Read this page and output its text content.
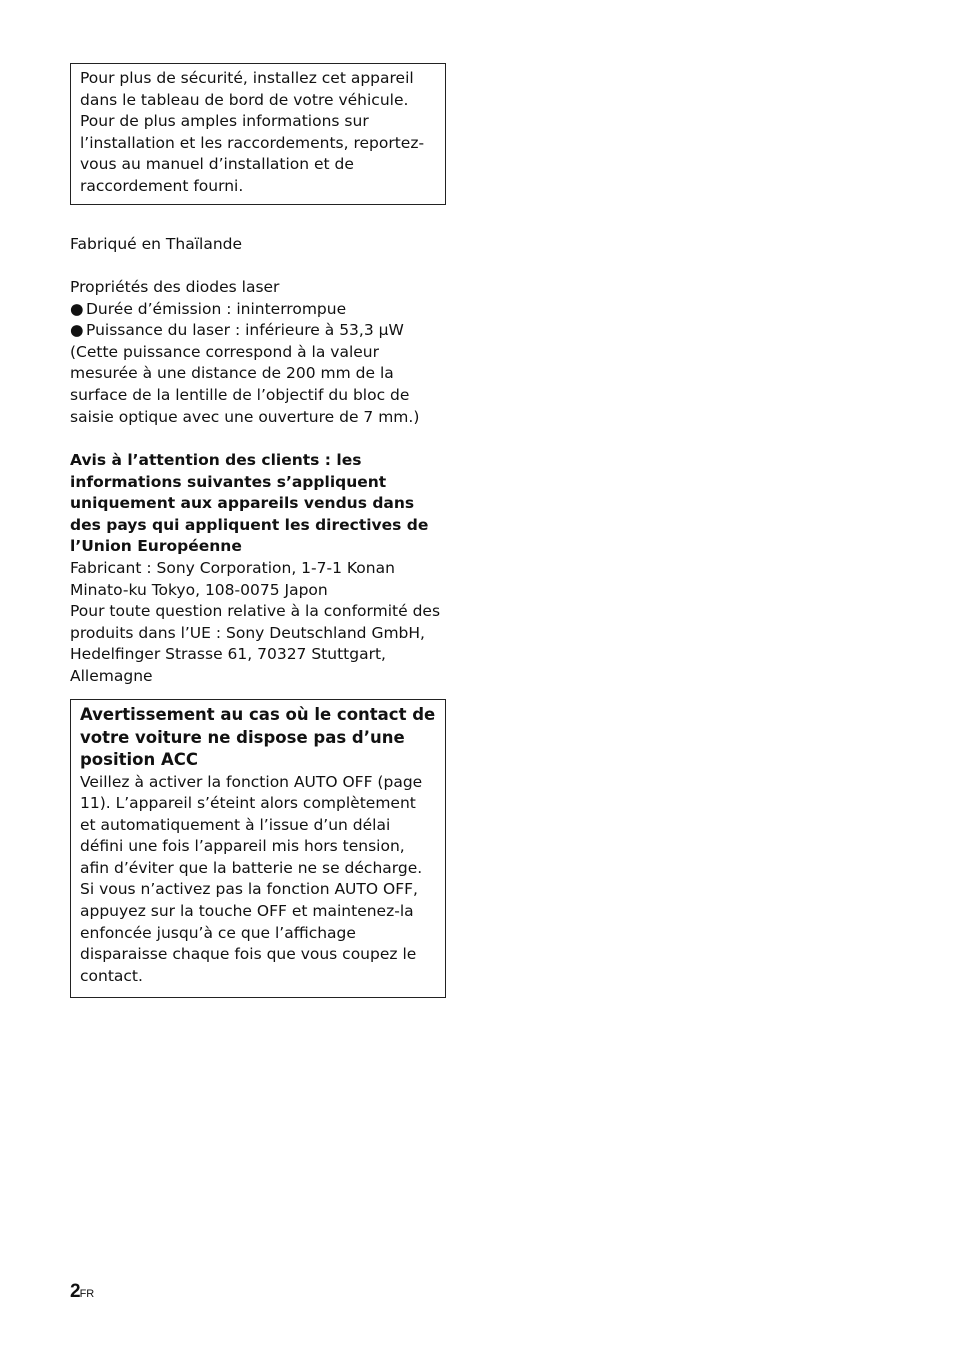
Pour plus de sécurité, installez cet appareil dans le tableau de bord de votre véhicule. Pour de plus amples informations sur l’installation et les raccordements, reportez-vous au manuel d’installation et de raccordement fourni.

Fabriqué en Thaïlande

Propriétés des diodes laser

● Durée d’émission : ininterrompue
● Puissance du laser : inférieure à 53,3 µW

(Cette puissance correspond à la valeur mesurée à une distance de 200 mm de la surface de la lentille de l’objectif du bloc de saisie optique avec une ouverture de 7 mm.)

Avis à l’attention des clients : les informations suivantes s’appliquent uniquement aux appareils vendus dans des pays qui appliquent les directives de l’Union Européenne

Fabricant : Sony Corporation, 1-7-1 Konan Minato-ku Tokyo, 108-0075 Japon

Pour toute question relative à la conformité des produits dans l’UE : Sony Deutschland GmbH, Hedelfinger Strasse 61, 70327 Stuttgart, Allemagne

Avertissement au cas où le contact de votre voiture ne dispose pas d’une position ACC

Veillez à activer la fonction AUTO OFF (page 11). L’appareil s’éteint alors complètement et automatiquement à l’issue d’un délai défini une fois l’appareil mis hors tension, afin d’éviter que la batterie ne se décharge. Si vous n’activez pas la fonction AUTO OFF, appuyez sur la touche OFF et maintenez-la enfoncée jusqu’à ce que l’affichage disparaisse chaque fois que vous coupez le contact.

2FR
